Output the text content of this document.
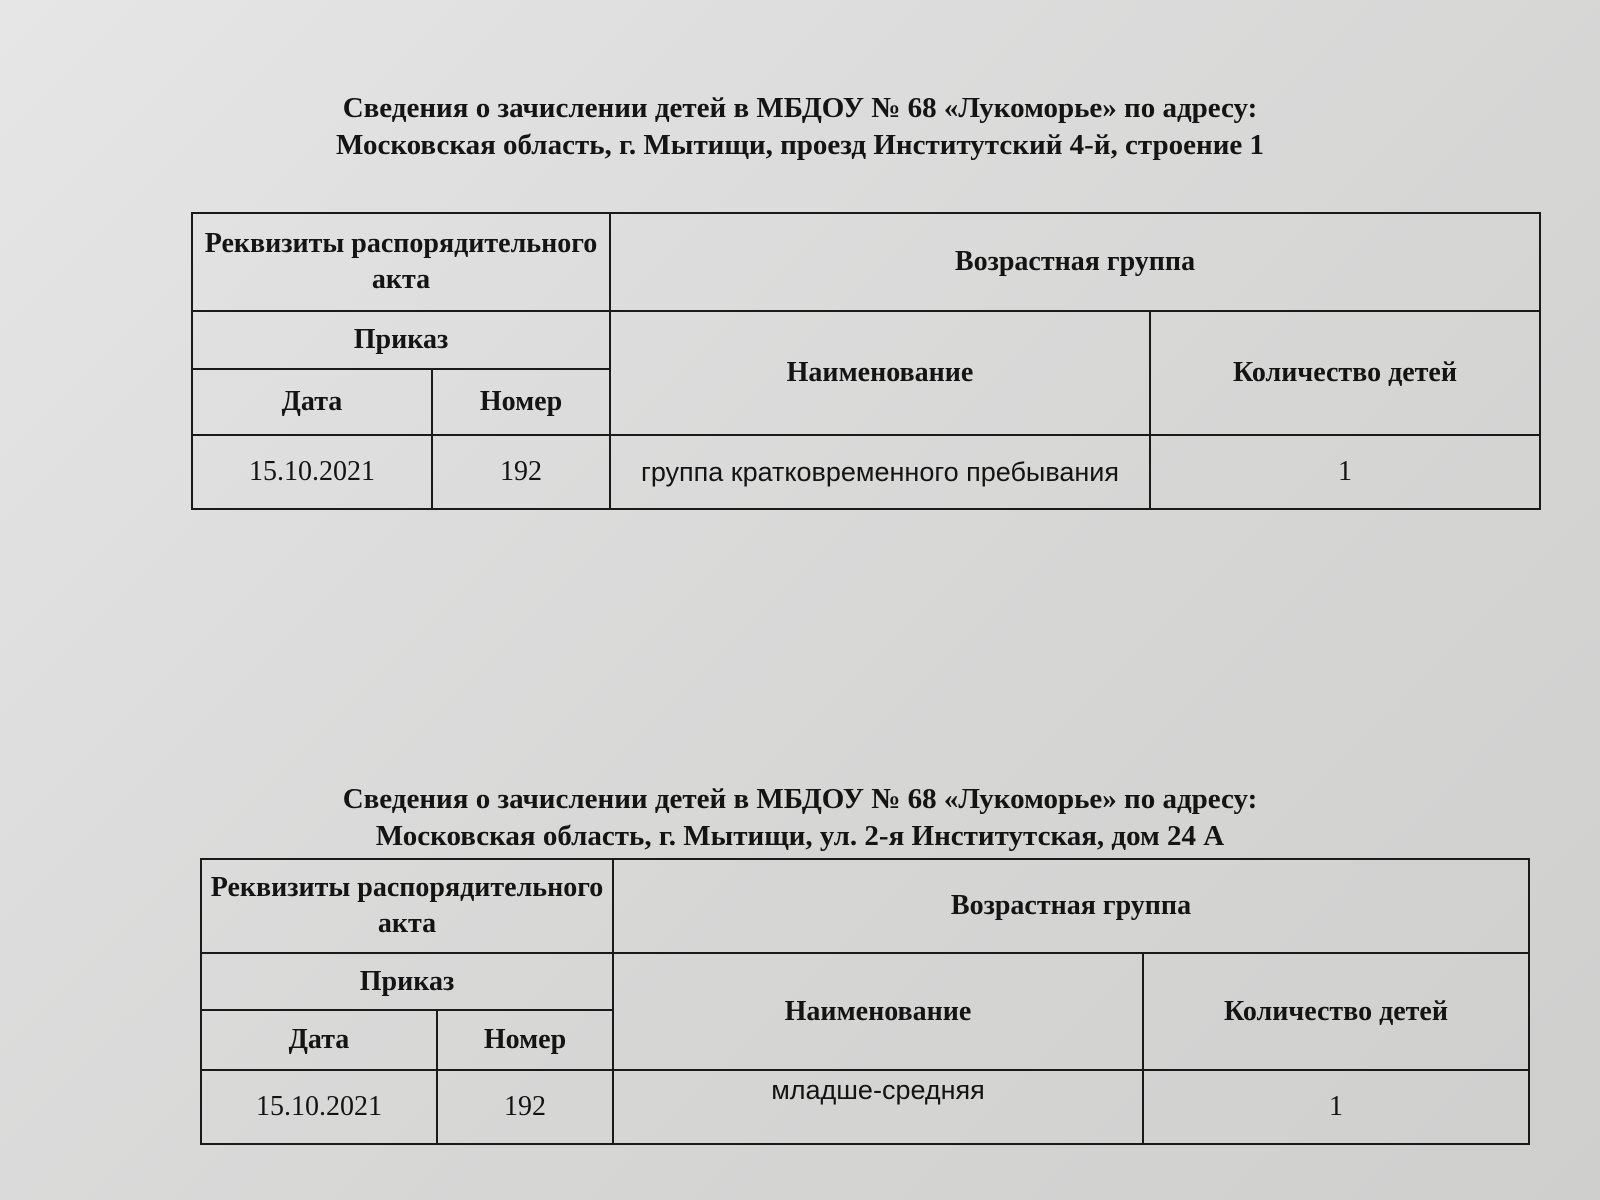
Сведения о зачислении детей в МБДОУ № 68 «Лукоморье» по адресу:
Московская область, г. Мытищи, проезд Институтский 4-й, строение 1
Реквизиты распорядительного акта		Возрастная группа	
Приказ		Наименование	Количество детей
Дата	Номер		
15.10.2021	192	группа кратковременного пребывания	1
Сведения о зачислении детей в МБДОУ № 68 «Лукоморье» по адресу:
Московская область, г. Мытищи, ул. 2-я Институтская, дом 24 А
Реквизиты распорядительного акта		Возрастная группа	
Приказ		Наименование	Количество детей
Дата	Номер		
15.10.2021	192	младше-средняя	1
